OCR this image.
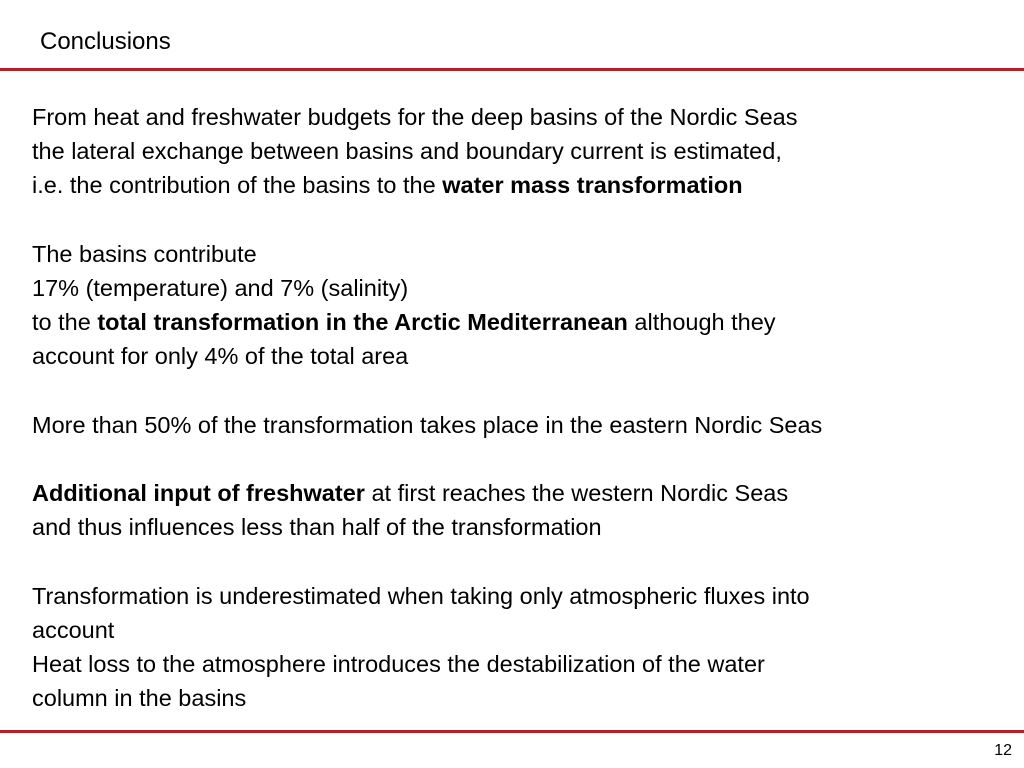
Conclusions
From heat and freshwater budgets for the deep basins of the Nordic Seas
the lateral exchange between basins and boundary current is estimated,
i.e. the contribution of the basins to the water mass transformation
The basins contribute
17% (temperature) and 7% (salinity)
to the total transformation in the Arctic Mediterranean although they
account for only 4% of the total area
More than 50% of the transformation takes place in the eastern Nordic Seas
Additional input of freshwater at first reaches the western Nordic Seas
and thus influences less than half of the transformation
Transformation is underestimated when taking only atmospheric fluxes into
account
Heat loss to the atmosphere introduces the destabilization of the water
column in the basins
12
